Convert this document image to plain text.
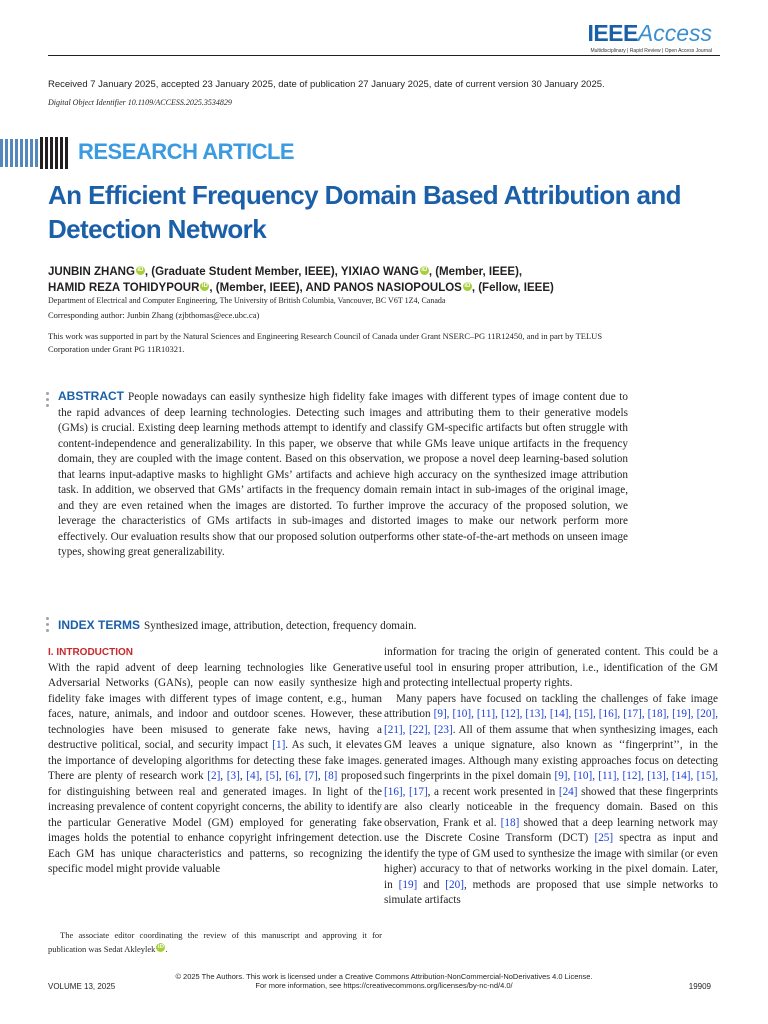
IEEEAccess
Multidisciplinary | Rapid Review | Open Access Journal
Received 7 January 2025, accepted 23 January 2025, date of publication 27 January 2025, date of current version 30 January 2025.
Digital Object Identifier 10.1109/ACCESS.2025.3534829
RESEARCH ARTICLE
An Efficient Frequency Domain Based Attribution and Detection Network
JUNBIN ZHANG iD , (Graduate Student Member, IEEE), YIXIAO WANG iD , (Member, IEEE),
HAMID REZA TOHIDYPOUR iD , (Member, IEEE), AND PANOS NASIOPOULOS iD , (Fellow, IEEE)
Department of Electrical and Computer Engineering, The University of British Columbia, Vancouver, BC V6T 1Z4, Canada
Corresponding author: Junbin Zhang (zjbthomas@ece.ubc.ca)
This work was supported in part by the Natural Sciences and Engineering Research Council of Canada under Grant NSERC–PG 11R12450, and in part by TELUS Corporation under Grant PG 11R10321.
ABSTRACT People nowadays can easily synthesize high fidelity fake images with different types of image content due to the rapid advances of deep learning technologies. Detecting such images and attributing them to their generative models (GMs) is crucial. Existing deep learning methods attempt to identify and classify GM-specific artifacts but often struggle with content-independence and generalizability. In this paper, we observe that while GMs leave unique artifacts in the frequency domain, they are coupled with the image content. Based on this observation, we propose a novel deep learning-based solution that learns input-adaptive masks to highlight GMs’ artifacts and achieve high accuracy on the synthesized image attribution task. In addition, we observed that GMs’ artifacts in the frequency domain remain intact in sub-images of the original image, and they are even retained when the images are distorted. To further improve the accuracy of the proposed solution, we leverage the characteristics of GMs artifacts in sub-images and distorted images to make our network perform more effectively. Our evaluation results show that our proposed solution outperforms other state-of-the-art methods on unseen image types, showing great generalizability.
INDEX TERMS Synthesized image, attribution, detection, frequency domain.
I. INTRODUCTION

With the rapid advent of deep learning technologies like Generative Adversarial Networks (GANs), people can now easily synthesize high fidelity fake images with different types of image content, e.g., human faces, nature, animals, and indoor and outdoor scenes. However, these technologies have been misused to generate fake news, having a destructive political, social, and security impact [1]. As such, it elevates the importance of developing algorithms for detecting these fake images. There are plenty of research work [2], [3], [4], [5], [6], [7], [8] proposed for distinguishing between real and generated images. In light of the increasing prevalence of content copyright concerns, the ability to identify the particular Generative Model (GM) employed for generating fake images holds the potential to enhance copyright infringement detection. Each GM has unique characteristics and patterns, so recognizing the specific model might provide valuable

The associate editor coordinating the review of this manuscript and approving it for publication was Sedat Akleylek iD .

information for tracing the origin of generated content. This could be a useful tool in ensuring proper attribution, i.e., identification of the GM and protecting intellectual property rights.

Many papers have focused on tackling the challenges of fake image attribution [9], [10], [11], [12], [13], [14], [15], [16], [17], [18], [19], [20], [21], [22], [23]. All of them assume that when synthesizing images, each GM leaves a unique signature, also known as ‘‘fingerprint’’, in the generated images. Although many existing approaches focus on detecting such fingerprints in the pixel domain [9], [10], [11], [12], [13], [14], [15], [16], [17], a recent work presented in [24] showed that these fingerprints are also clearly noticeable in the frequency domain. Based on this observation, Frank et al. [18] showed that a deep learning network may use the Discrete Cosine Transform (DCT) [25] spectra as input and identify the type of GM used to synthesize the image with similar (or even higher) accuracy to that of networks working in the pixel domain. Later, in [19] and [20], methods are proposed that use simple networks to simulate artifacts

© 2025 The Authors. This work is licensed under a Creative Commons Attribution-NonCommercial-NoDerivatives 4.0 License.
For more information, see https://creativecommons.org/licenses/by-nc-nd/4.0/
VOLUME 13, 2025	19909
